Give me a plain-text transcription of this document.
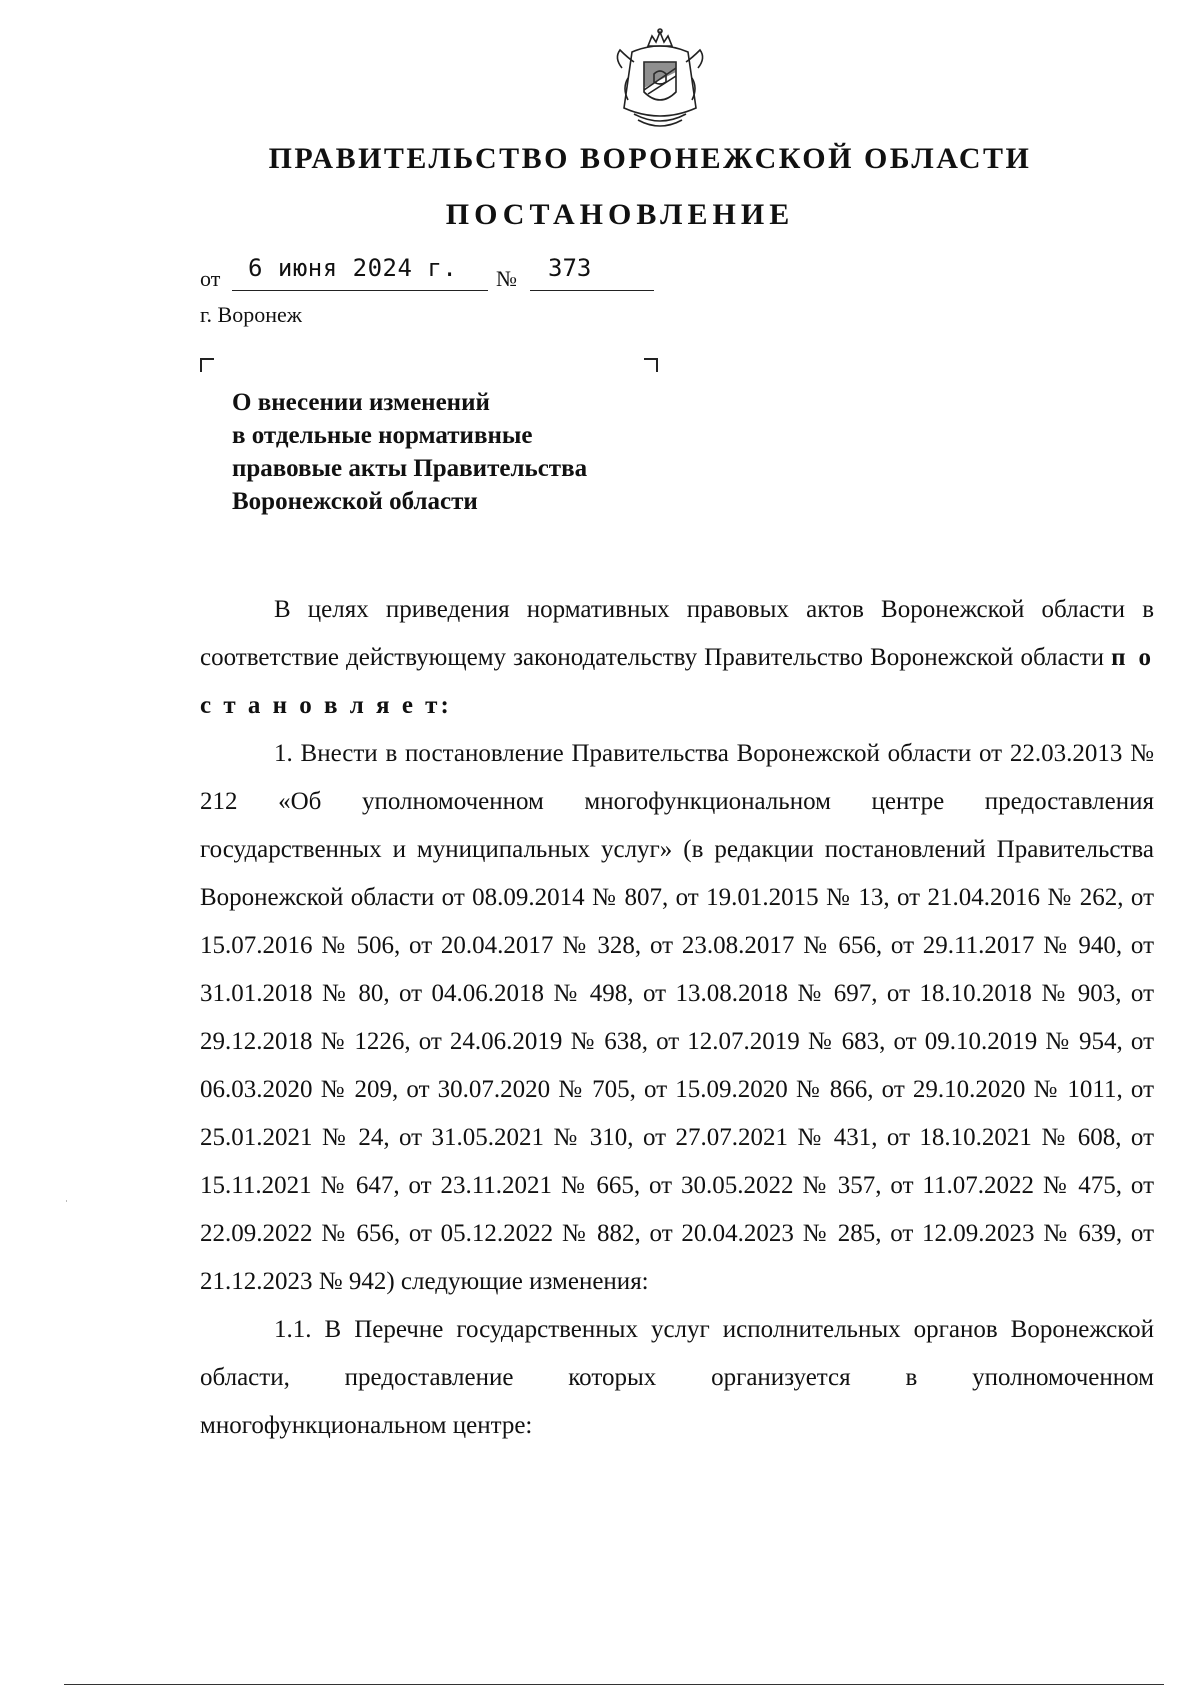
ПРАВИТЕЛЬСТВО ВОРОНЕЖСКОЙ ОБЛАСТИ
ПОСТАНОВЛЕНИЕ
от 6 июня 2024 г. № 373
г. Воронеж
О внесении изменений
в отдельные нормативные
правовые акты Правительства
Воронежской области

В целях приведения нормативных правовых актов Воронежской области в соответствие действующему законодательству Правительство Воронежской области п о с т а н о в л я е т:

1. Внести в постановление Правительства Воронежской области от 22.03.2013 № 212 «Об уполномоченном многофункциональном центре предоставления государственных и муниципальных услуг» (в редакции постановлений Правительства Воронежской области от 08.09.2014 № 807, от 19.01.2015 № 13, от 21.04.2016 № 262, от 15.07.2016 № 506, от 20.04.2017 № 328, от 23.08.2017 № 656, от 29.11.2017 № 940, от 31.01.2018 № 80, от 04.06.2018 № 498, от 13.08.2018 № 697, от 18.10.2018 № 903, от 29.12.2018 № 1226, от 24.06.2019 № 638, от 12.07.2019 № 683, от 09.10.2019 № 954, от 06.03.2020 № 209, от 30.07.2020 № 705, от 15.09.2020 № 866, от 29.10.2020 № 1011, от 25.01.2021 № 24, от 31.05.2021 № 310, от 27.07.2021 № 431, от 18.10.2021 № 608, от 15.11.2021 № 647, от 23.11.2021 № 665, от 30.05.2022 № 357, от 11.07.2022 № 475, от 22.09.2022 № 656, от 05.12.2022 № 882, от 20.04.2023 № 285, от 12.09.2023 № 639, от 21.12.2023 № 942) следующие изменения:

1.1. В Перечне государственных услуг исполнительных органов Воронежской области, предоставление которых организуется в уполномоченном многофункциональном центре:
